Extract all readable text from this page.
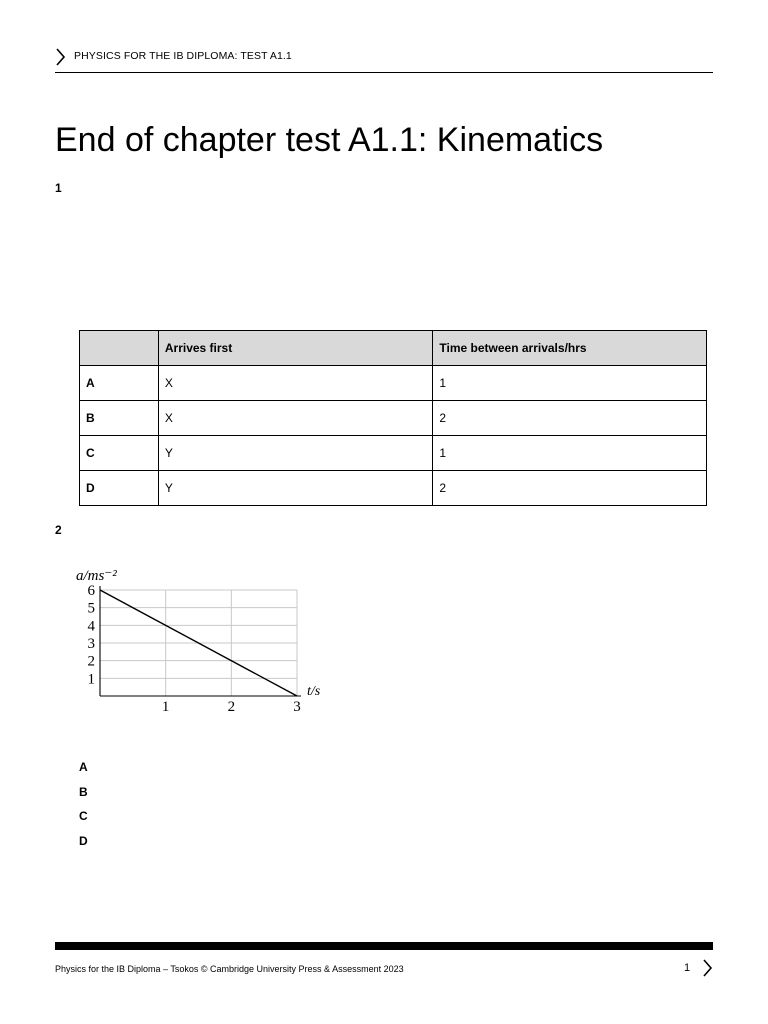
PHYSICS FOR THE IB DIPLOMA: TEST A1.1
End of chapter test A1.1: Kinematics
1
	Arrives first	Time between arrivals/hrs
A	X	1
B	X	2
C	Y	1
D	Y	2
2
1	2	3
1
2
3
4
5
6
a/ms⁻²
t/s
A
B
C
D
Physics for the IB Diploma – Tsokos © Cambridge University Press & Assessment 2023	1
